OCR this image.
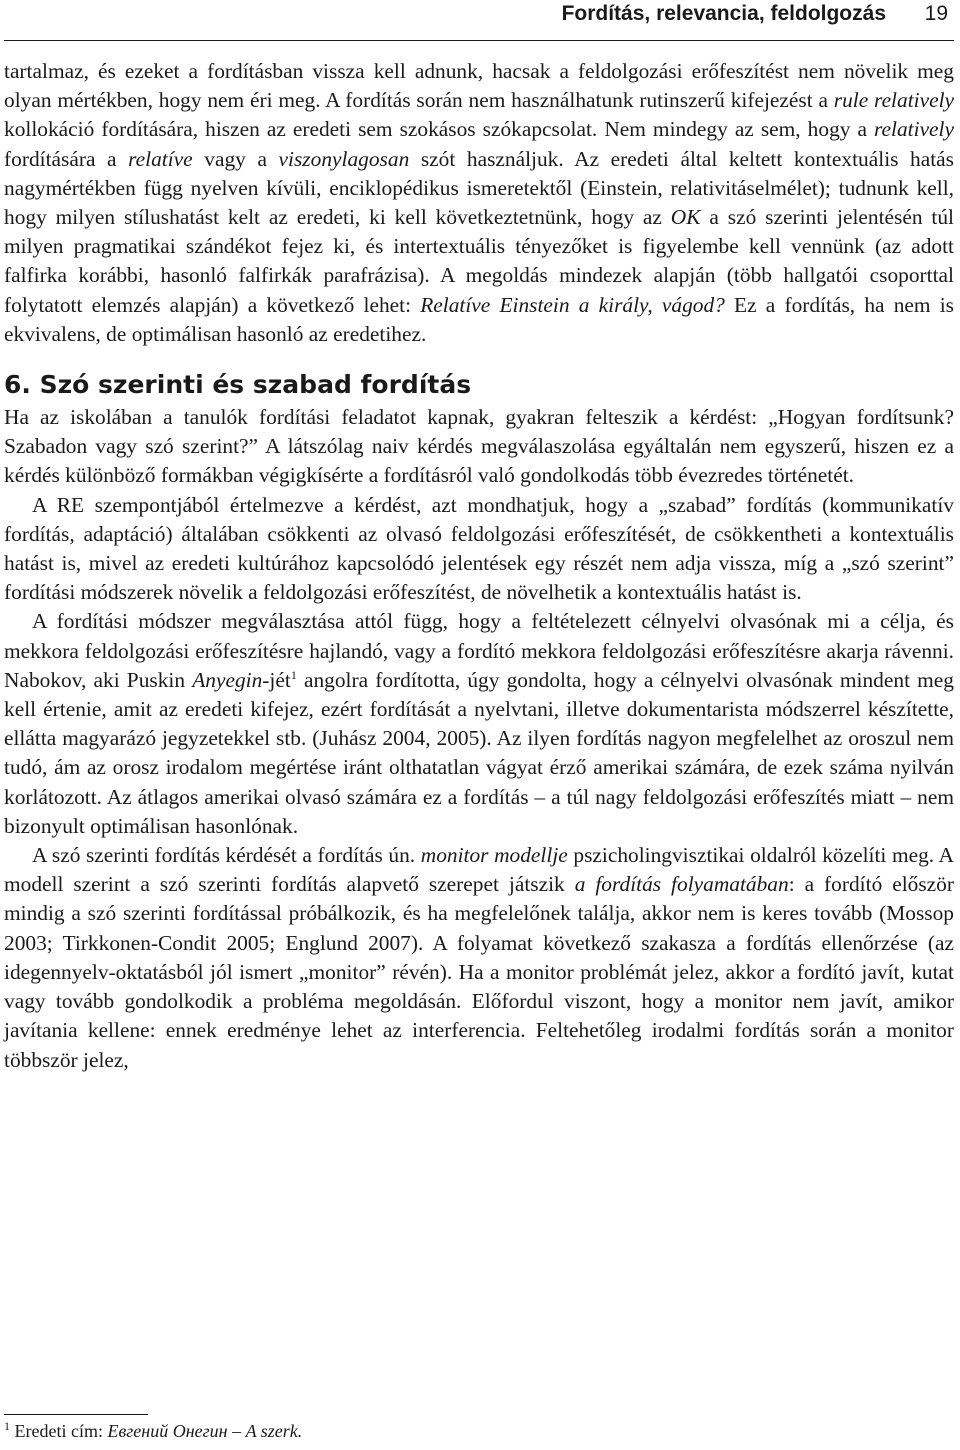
Fordítás, relevancia, feldolgozás 19

tartalmaz, és ezeket a fordításban vissza kell adnunk, hacsak a feldolgozási erőfeszítést nem növelik meg olyan mértékben, hogy nem éri meg. A fordítás során nem használhatunk rutinszerű kifejezést a rule relatively kollokáció fordítására, hiszen az eredeti sem szokásos szókapcsolat. Nem mindegy az sem, hogy a relatively fordítására a relatíve vagy a viszonylagosan szót használjuk. Az eredeti által keltett kontextuális hatás nagymértékben függ nyelven kívüli, enciklopédikus ismeretektől (Einstein, relativitáselmélet); tudnunk kell, hogy milyen stílushatást kelt az eredeti, ki kell következtetnünk, hogy az OK a szó szerinti jelentésén túl milyen pragmatikai szándékot fejez ki, és intertextuális tényezőket is figyelembe kell vennünk (az adott falfirka korábbi, hasonló falfirkák parafrázisa). A megoldás mindezek alapján (több hallgatói csoporttal folytatott elemzés alapján) a következő lehet: Relatíve Einstein a király, vágod? Ez a fordítás, ha nem is ekvivalens, de optimálisan hasonló az eredetihez.

6. Szó szerinti és szabad fordítás

Ha az iskolában a tanulók fordítási feladatot kapnak, gyakran felteszik a kérdést: „Hogyan fordítsunk? Szabadon vagy szó szerint?” A látszólag naiv kérdés megválaszolása egyáltalán nem egyszerű, hiszen ez a kérdés különböző formákban végigkísérte a fordításról való gondolkodás több évezredes történetét.

A RE szempontjából értelmezve a kérdést, azt mondhatjuk, hogy a „szabad” fordítás (kommunikatív fordítás, adaptáció) általában csökkenti az olvasó feldolgozási erőfeszítését, de csökkentheti a kontextuális hatást is, mivel az eredeti kultúrához kapcsolódó jelentések egy részét nem adja vissza, míg a „szó szerint” fordítási módszerek növelik a feldolgozási erőfeszítést, de növelhetik a kontextuális hatást is.

A fordítási módszer megválasztása attól függ, hogy a feltételezett célnyelvi olvasónak mi a célja, és mekkora feldolgozási erőfeszítésre hajlandó, vagy a fordító mekkora feldolgozási erőfeszítésre akarja rávenni. Nabokov, aki Puskin Anyegin-jét$^1$ angolra fordította, úgy gondolta, hogy a célnyelvi olvasónak mindent meg kell értenie, amit az eredeti kifejez, ezért fordítását a nyelvtani, illetve dokumentarista módszerrel készítette, ellátta magyarázó jegyzetekkel stb. (Juhász 2004, 2005). Az ilyen fordítás nagyon megfelelhet az oroszul nem tudó, ám az orosz irodalom megértése iránt olthatatlan vágyat érző amerikai számára, de ezek száma nyilván korlátozott. Az átlagos amerikai olvasó számára ez a fordítás – a túl nagy feldolgozási erőfeszítés miatt – nem bizonyult optimálisan hasonlónak.

A szó szerinti fordítás kérdését a fordítás ún. monitor modellje pszicholingvisztikai oldalról közelíti meg. A modell szerint a szó szerinti fordítás alapvető szerepet játszik a fordítás folyamatában: a fordító először mindig a szó szerinti fordítással próbálkozik, és ha megfelelőnek találja, akkor nem is keres tovább (Mossop 2003; Tirkkonen-Condit 2005; Englund 2007). A folyamat következő szakasza a fordítás ellenőrzése (az idegennyelv-oktatásból jól ismert „monitor” révén). Ha a monitor problémát jelez, akkor a fordító javít, kutat vagy tovább gondolkodik a probléma megoldásán. Előfordul viszont, hogy a monitor nem javít, amikor javítania kellene: ennek eredménye lehet az interferencia. Feltehetőleg irodalmi fordítás során a monitor többször jelez,

$^1$ Eredeti cím: Евгений Онегин – A szerk.
